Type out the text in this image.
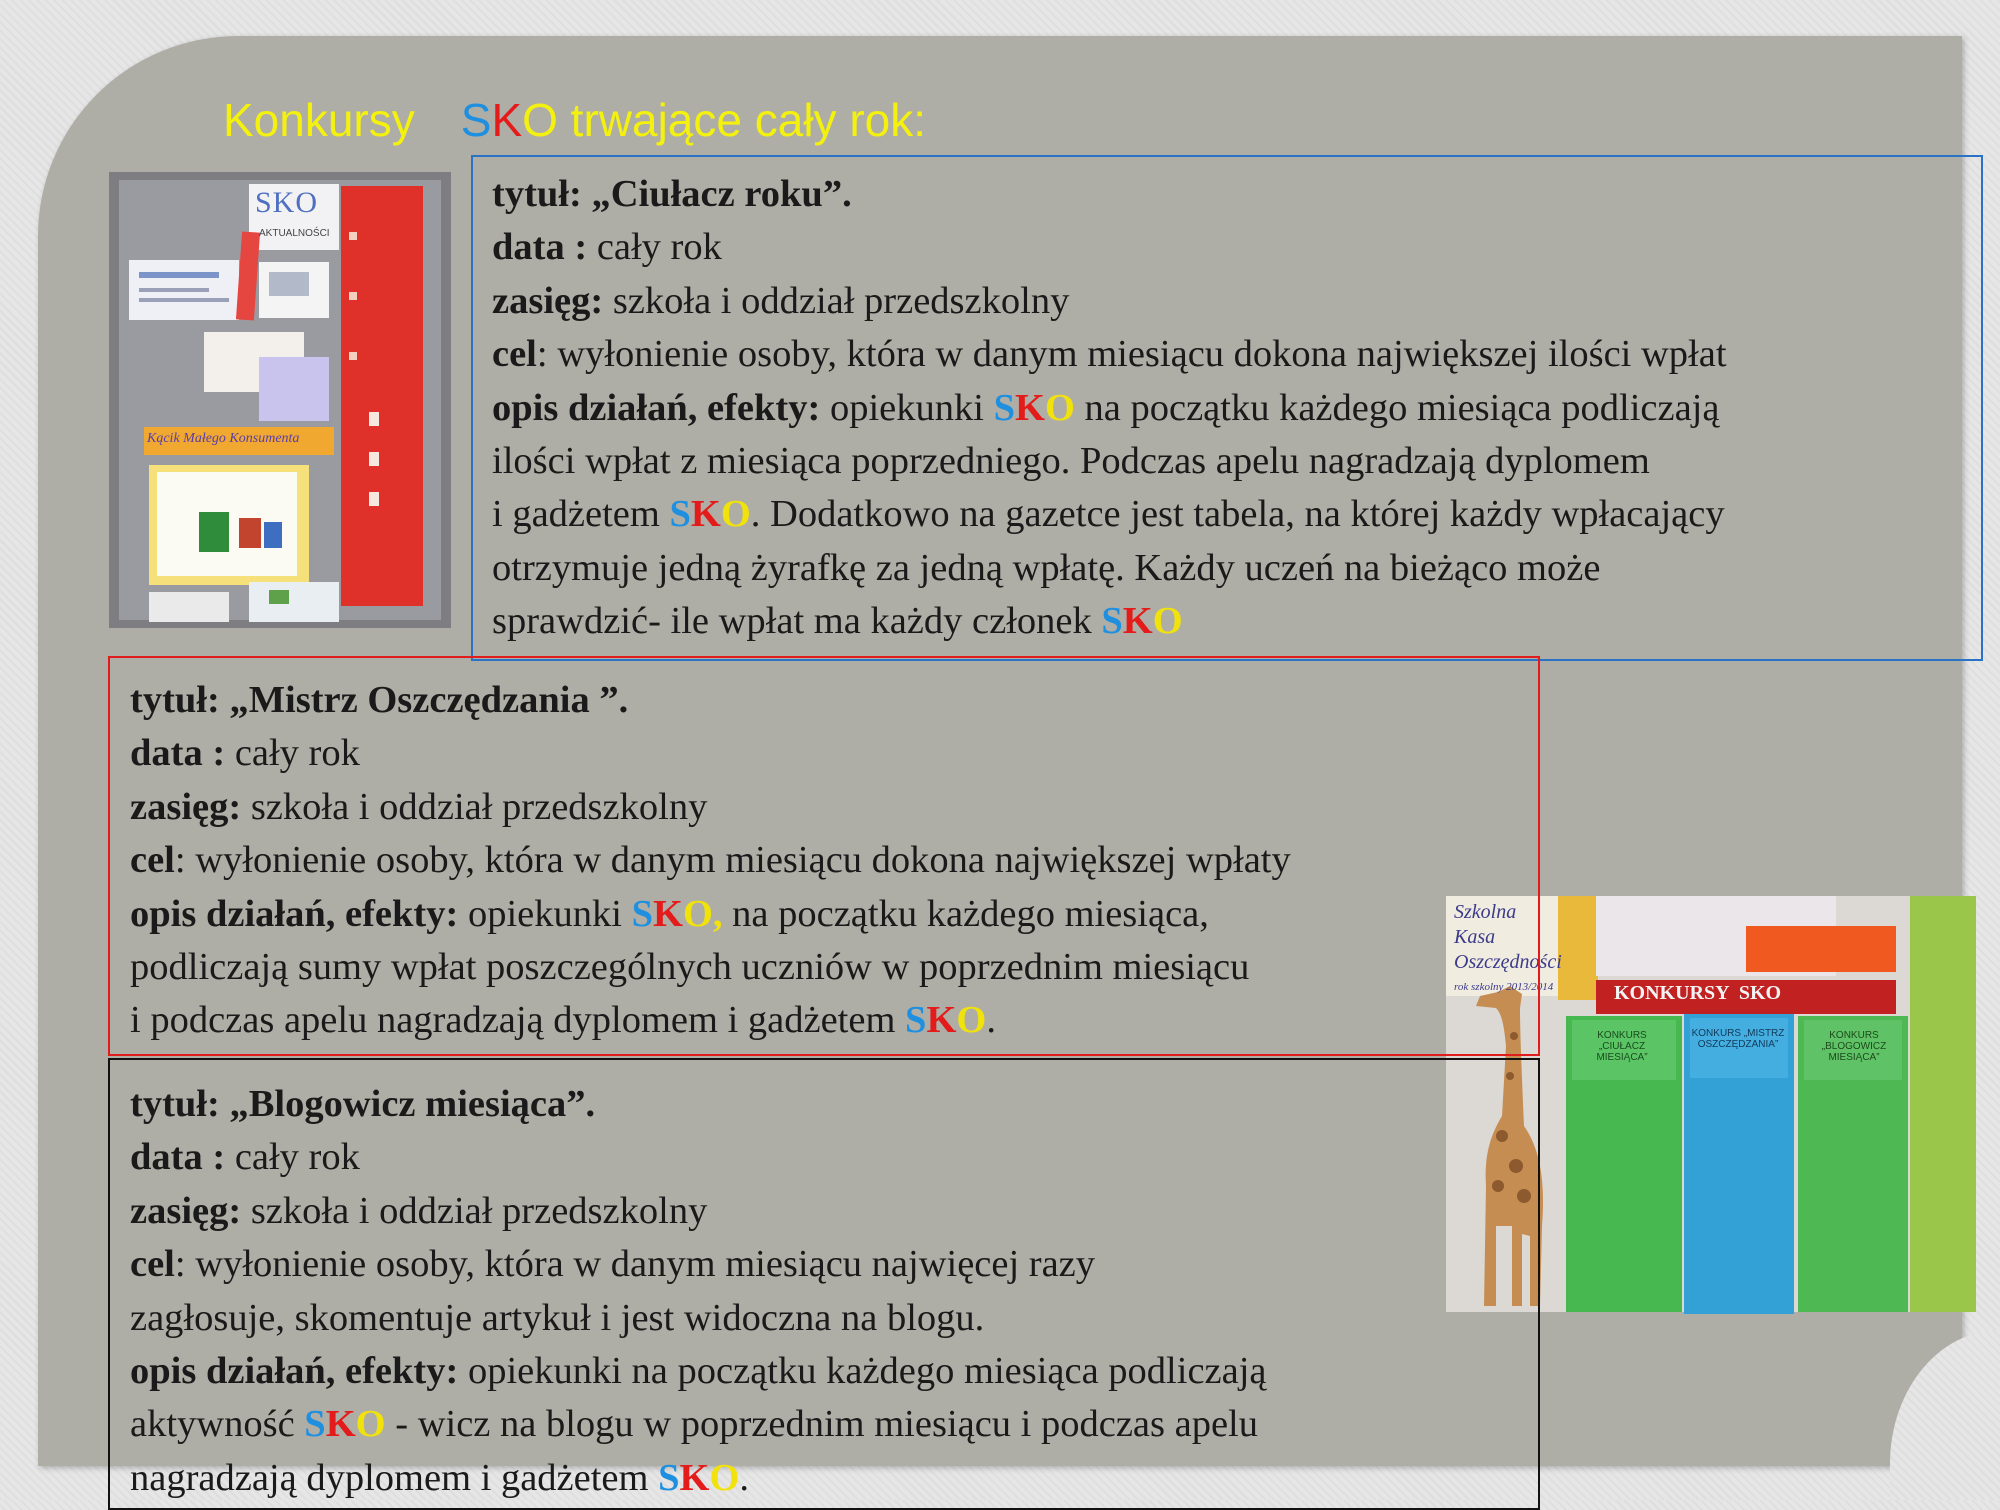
Konkursy SKO trwające cały rok:
SKO
AKTUALNOŚCI
Kącik Małego Konsumenta
Szkolna
Kasa
Oszczędności
rok szkolny 2013/2014	KONKURSY  SKO
KONKURS „CIUŁACZ MIESIĄCA”
KONKURS „MISTRZ OSZCZĘDZANIA”
KONKURS „BLOGOWICZ MIESIĄCA”

tytuł: „Ciułacz roku”.

data : cały rok

zasięg: szkoła i oddział przedszkolny

cel: wyłonienie osoby, która w danym miesiącu dokona największej ilości wpłat

opis działań, efekty: opiekunki SKO na początku każdego miesiąca podliczają

ilości wpłat z miesiąca poprzedniego. Podczas apelu nagradzają dyplomem

i gadżetem SKO. Dodatkowo na gazetce jest tabela, na której każdy wpłacający

otrzymuje jedną żyrafkę za jedną wpłatę. Każdy uczeń na bieżąco może

sprawdzić- ile wpłat ma każdy członek SKO

tytuł: „Mistrz Oszczędzania ”.

data : cały rok

zasięg: szkoła i oddział przedszkolny

cel: wyłonienie osoby, która w danym miesiącu dokona największej wpłaty

opis działań, efekty: opiekunki SKO, na początku każdego miesiąca,

podliczają sumy wpłat poszczególnych uczniów w poprzednim miesiącu

i podczas apelu nagradzają dyplomem i gadżetem SKO.

tytuł: „Blogowicz miesiąca”.

data : cały rok

zasięg: szkoła i oddział przedszkolny

cel: wyłonienie osoby, która w danym miesiącu najwięcej razy

zagłosuje, skomentuje artykuł i jest widoczna na blogu.

opis działań, efekty: opiekunki na początku każdego miesiąca podliczają

aktywność SKO - wicz na blogu w poprzednim miesiącu i podczas apelu

nagradzają dyplomem i gadżetem SKO.
